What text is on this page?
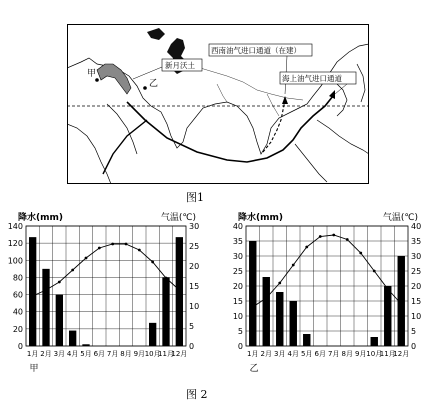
新月沃土
西南油气进口通道（在建）
海上油气进口通道
甲
乙
图1
0
20
40
60
80
100
120
140
0
5
10
15
20
25
30
1月 2月 3月 4月 5月 6月 7月 8月 9月 10月
11月
12月
降水(mm)	气温(℃)
甲
0
5
10
15
20
25
30
35
40
0
5
10
15
20
25
30
35
40
1月 2月 3月 4月 5月 6月 7月 8月 9月 10月
11月
12月
降水(mm)	气温(℃)
乙
图 2
